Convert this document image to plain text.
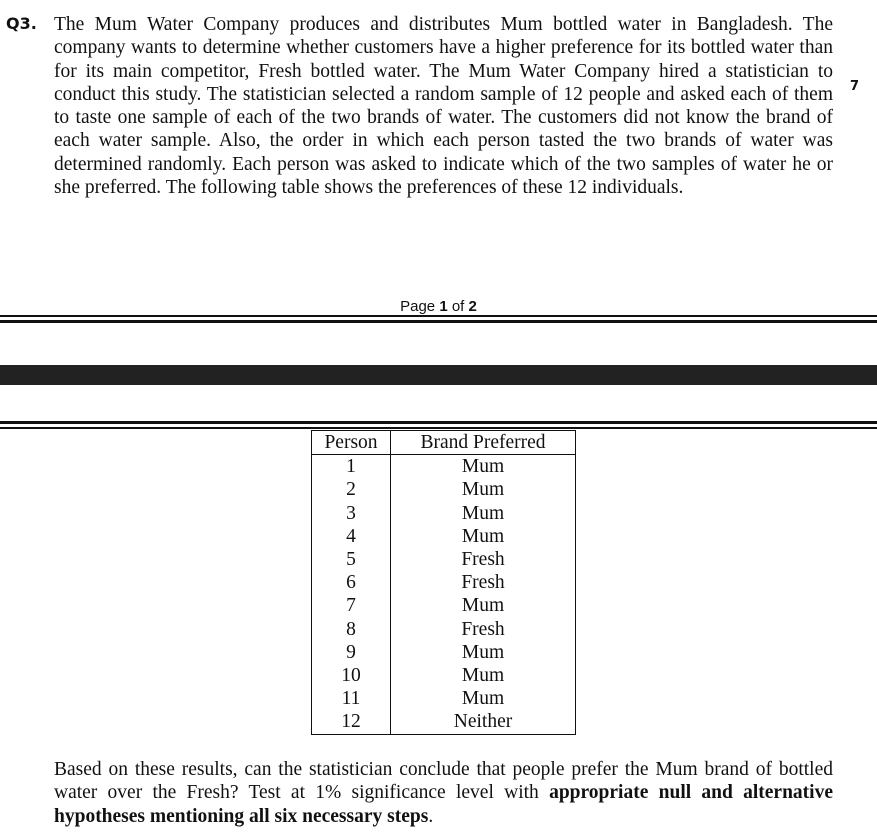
Q3. The Mum Water Company produces and distributes Mum bottled water in Bangladesh. The company wants to determine whether customers have a higher preference for its bottled water than for its main competitor, Fresh bottled water. The Mum Water Company hired a statistician to conduct this study. The statistician selected a random sample of 12 people and asked each of them to taste one sample of each of the two brands of water. The customers did not know the brand of each water sample. Also, the order in which each person tasted the two brands of water was determined randomly. Each person was asked to indicate which of the two samples of water he or she preferred. The following table shows the preferences of these 12 individuals.
7
Page 1 of 2
Person	Brand Preferred
1	Mum
2	Mum
3	Mum
4	Mum
5	Fresh
6	Fresh
7	Mum
8	Fresh
9	Mum
10	Mum
11	Mum
12	Neither
Based on these results, can the statistician conclude that people prefer the Mum brand of bottled water over the Fresh? Test at 1% significance level with appropriate null and alternative hypotheses mentioning all six necessary steps.
